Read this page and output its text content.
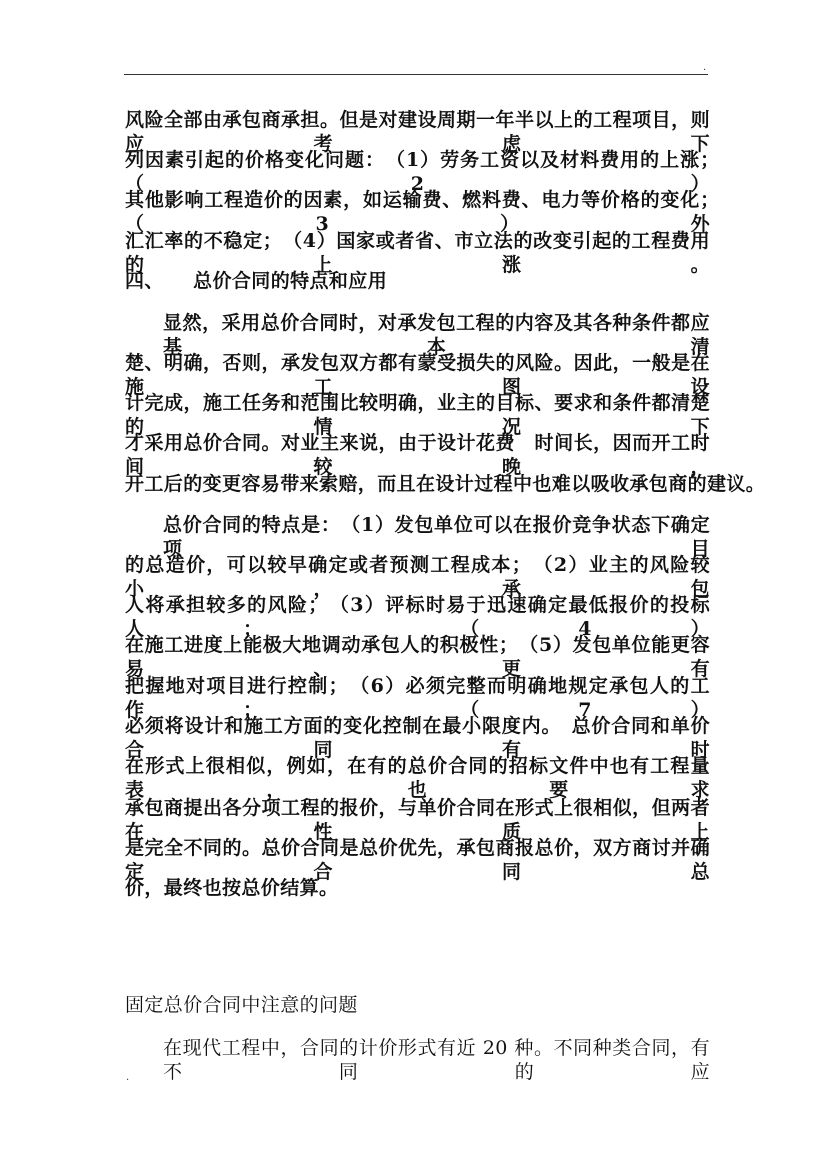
.
风险全部由承包商承担。但是对建设周期一年半以上的工程项目，则应考虑下
列因素引起的价格变化问题：　（1）劳务工资以及材料费用的上涨；　（2）
其他影响工程造价的因素，如运输费、燃料费、电力等价格的变化；　（3）外
汇汇率的不稳定；　（4）国家或者省、市立法的改变引起的工程费用的上涨。
四、　　总价合同的特点和应用
显然，采用总价合同时，对承发包工程的内容及其各种条件都应基本清
楚、明确，否则，承发包双方都有蒙受损失的风险。因此，一般是在施工图设
计完成，施工任务和范围比较明确，业主的目标、要求和条件都清楚的情况下
才采用总价合同。对业主来说，由于设计花费　时间长，因而开工时间较晚，
开工后的变更容易带来索赔，而且在设计过程中也难以吸收承包商的建议。
总价合同的特点是：　（1）发包单位可以在报价竞争状态下确定项目
的总造价，可以较早确定或者预测工程成本；　（2）业主的风险较小，承包
人将承担较多的风险；　（3）评标时易于迅速确定最低报价的投标人；　（4）
在施工进度上能极大地调动承包人的积极性；　（5）发包单位能更容易、更有
把握地对项目进行控制；　（6）必须完整而明确地规定承包人的工作；　（7）
必须将设计和施工方面的变化控制在最小限度内。　总价合同和单价合同有时
在形式上很相似，例如，在有的总价合同的招标文件中也有工程量表，也要求
承包商提出各分项工程的报价，与单价合同在形式上很相似，但两者在性质上
是完全不同的。总价合同是总价优先，承包商报总价，双方商讨并确定合同总
价，最终也按总价结算。
固定总价合同中注意的问题
在现代工程中，合同的计价形式有近 20 种。不同种类合同，有不同的应
.
